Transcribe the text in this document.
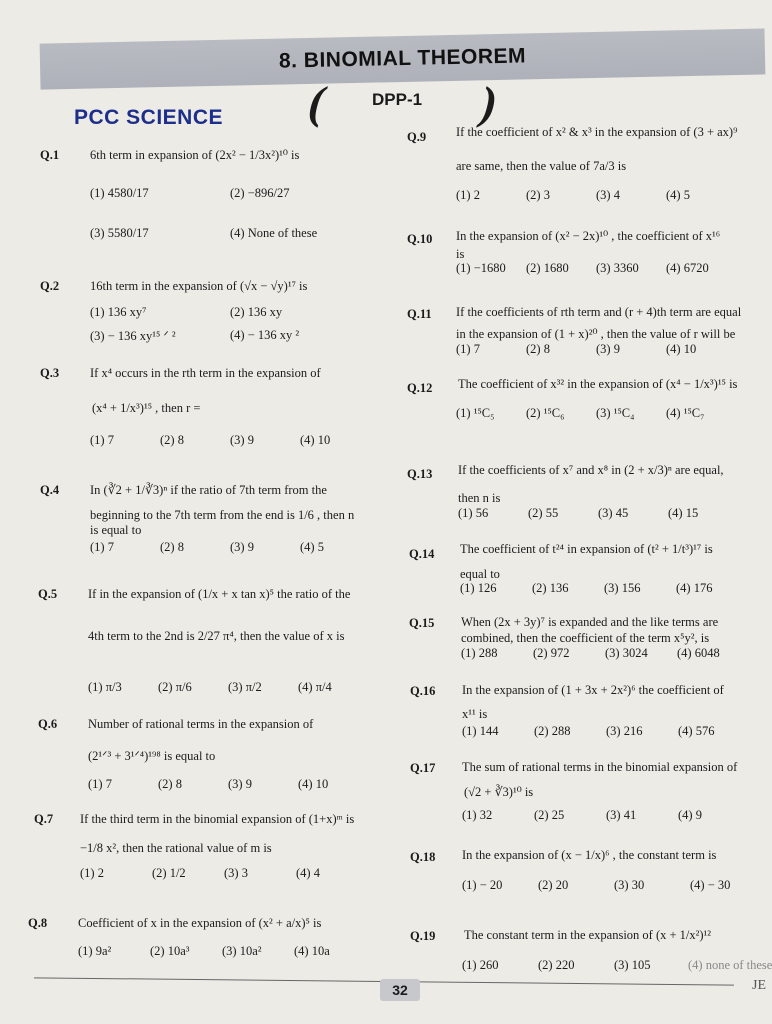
8. BINOMIAL THEOREM
PCC SCIENCE ( DPP-1 )
Q.1 6th term in expansion of (2x² − 1/3x²)¹⁰ is
(1) 4580/17	(2) −896/27
(3) 5580/17	(4) None of these
Q.2 16th term in the expansion of (√x − √y)¹⁷ is
(1) 136 xy⁷	(2) 136 xy
(3) − 136 xy¹⁵ ᐟ ²	(4) − 136 xy ²
Q.3 If x⁴ occurs in the rth term in the expansion of
(x⁴ + 1/x³)¹⁵ , then r =
(1) 7	(2) 8	(3) 9	(4) 10
Q.4 In (∛2 + 1/∛3)ⁿ if the ratio of 7th term from the
beginning to the 7th term from the end is 1/6 , then n
is equal to
(1) 7	(2) 8	(3) 9	(4) 5
Q.5 If in the expansion of (1/x + x tan x)⁵ the ratio of the
4th term to the 2nd is 2/27 π⁴, then the value of x is
(1) π/3	(2) π/6	(3) π/2	(4) π/4
Q.6 Number of rational terms in the expansion of
(2¹ᐟ³ + 3¹ᐟ⁴)¹⁹⁸ is equal to
(1) 7	(2) 8	(3) 9	(4) 10
Q.7 If the third term in the binomial expansion of (1+x)ᵐ is
−1/8 x², then the rational value of m is
(1) 2	(2) 1/2	(3) 3	(4) 4
Q.8 Coefficient of x in the expansion of (x² + a/x)⁵ is
(1) 9a²	(2) 10a³	(3) 10a²	(4) 10a
Q.9 If the coefficient of x² & x³ in the expansion of (3 + ax)⁹
are same, then the value of 7a/3 is
(1) 2	(2) 3	(3) 4	(4) 5
Q.10 In the expansion of (x² − 2x)¹⁰ , the coefficient of x¹⁶
is
(1) −1680	(2) 1680	(3) 3360	(4) 6720
Q.11 If the coefficients of rth term and (r + 4)th term are equal
in the expansion of (1 + x)²⁰ , then the value of r will be
(1) 7	(2) 8	(3) 9	(4) 10
Q.12 The coefficient of x³² in the expansion of (x⁴ − 1/x³)¹⁵ is
(1) ¹⁵C₅	(2) ¹⁵C₆	(3) ¹⁵C₄	(4) ¹⁵C₇
Q.13 If the coefficients of x⁷ and x⁸ in (2 + x/3)ⁿ are equal,
then n is
(1) 56	(2) 55	(3) 45	(4) 15
Q.14 The coefficient of t²⁴ in expansion of (t² + 1/t³)¹⁷ is
equal to
(1) 126	(2) 136	(3) 156	(4) 176
Q.15 When (2x + 3y)⁷ is expanded and the like terms are
combined, then the coefficient of the term x⁵y², is
(1) 288	(2) 972	(3) 3024	(4) 6048
Q.16 In the expansion of (1 + 3x + 2x²)⁶ the coefficient of
x¹¹ is
(1) 144	(2) 288	(3) 216	(4) 576
Q.17 The sum of rational terms in the binomial expansion of
(√2 + ∛3)¹⁰ is
(1) 32	(2) 25	(3) 41	(4) 9
Q.18 In the expansion of (x − 1/x)⁶ , the constant term is
(1) − 20	(2) 20	(3) 30	(4) − 30
Q.19 The constant term in the expansion of (x + 1/x²)¹²
(1) 260	(2) 220	(3) 105	(4) none of these
32	JE
